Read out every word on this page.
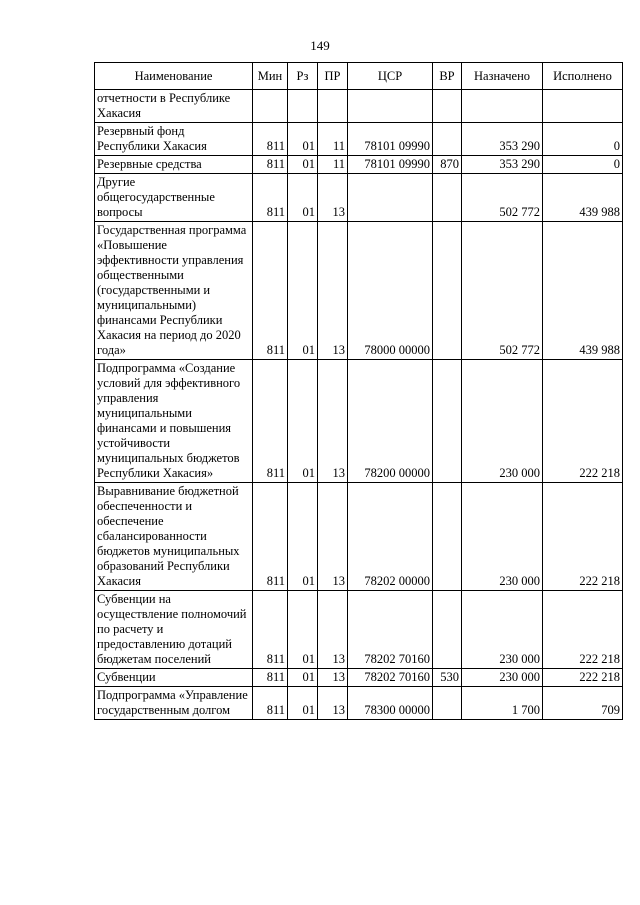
149
Наименование	Мин	Рз	ПР	ЦСР	ВР	Назначено	Исполнено
отчетности в Республике Хакасия							
Резервный фонд Республики Хакасия	811	01	11	78101 09990		353 290	0
Резервные средства	811	01	11	78101 09990	870	353 290	0
Другие общегосударственные вопросы	811	01	13			502 772	439 988
Государственная программа «Повышение эффективности управления общественными (государственными и муниципальными) финансами Республики Хакасия на период до 2020 года»	811	01	13	78000 00000		502 772	439 988
Подпрограмма «Создание условий для эффективного управления муниципальными финансами и повышения устойчивости муниципальных бюджетов Республики Хакасия»	811	01	13	78200 00000		230 000	222 218
Выравнивание бюджетной обеспеченности и обеспечение сбалансированности бюджетов муниципальных образований Республики Хакасия	811	01	13	78202 00000		230 000	222 218
Субвенции на осуществление полномочий по расчету и предоставлению дотаций бюджетам поселений	811	01	13	78202 70160		230 000	222 218
Субвенции	811	01	13	78202 70160	530	230 000	222 218
Подпрограмма «Управление государственным долгом	811	01	13	78300 00000		1 700	709
